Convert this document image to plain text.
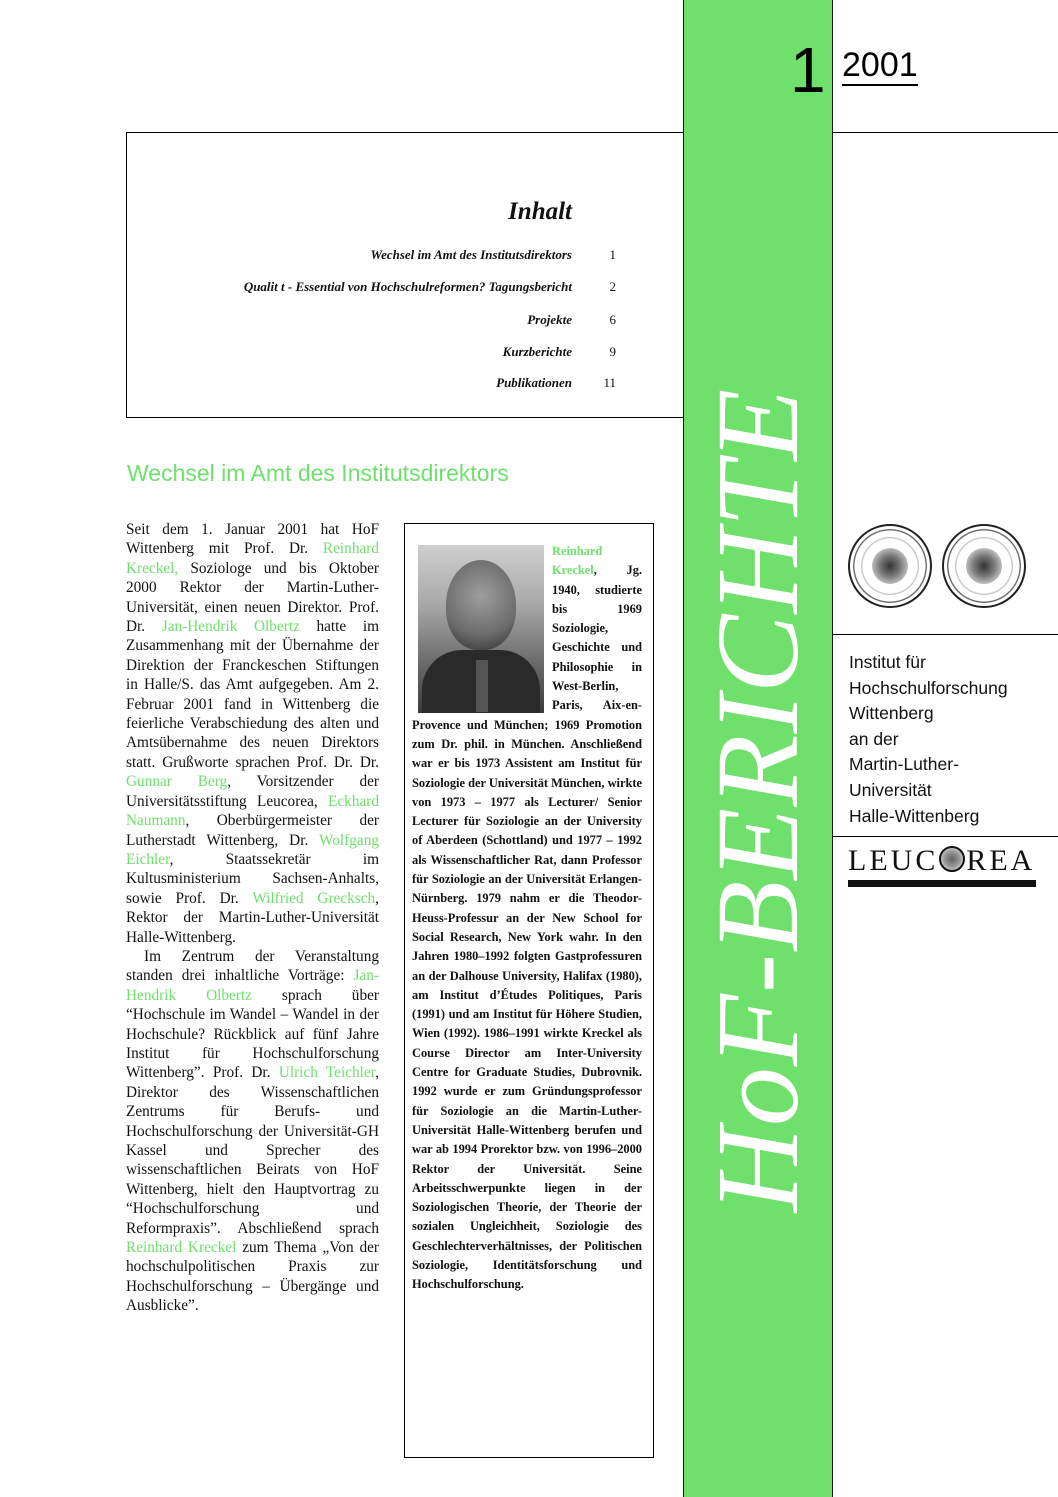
HoF-BERICHTE
1 2001
Inhalt
Wechsel im Amt des Institutsdirektors	1
Qualit t - Essential von Hochschulreformen? Tagungsbericht	2
Projekte	6
Kurzberichte	9
Publikationen	11
Wechsel im Amt des Institutsdirektors

Seit dem 1. Januar 2001 hat HoF Wittenberg mit Prof. Dr. Reinhard Kreckel, Soziologe und bis Oktober 2000 Rektor der Martin-Luther-Universität, einen neuen Direktor. Prof. Dr. Jan-Hendrik Olbertz hatte im Zusammenhang mit der Übernahme der Direktion der Franckeschen Stiftungen in Halle/S. das Amt aufgegeben. Am 2. Februar 2001 fand in Wittenberg die feierliche Verabschiedung des alten und Amtsübernahme des neuen Direktors statt. Grußworte sprachen Prof. Dr. Dr. Gunnar Berg, Vorsitzender der Universitätsstiftung Leucorea, Eckhard Naumann, Oberbürgermeister der Lutherstadt Wittenberg, Dr. Wolfgang Eichler, Staatssekretär im Kultusministerium Sachsen-Anhalts, sowie Prof. Dr. Wilfried Grecksch, Rektor der Martin-Luther-Universität Halle-Wittenberg.

Im Zentrum der Veranstaltung standen drei inhaltliche Vorträge: Jan-Hendrik Olbertz sprach über “Hochschule im Wandel – Wandel in der Hochschule? Rückblick auf fünf Jahre Institut für Hochschulforschung Wittenberg”. Prof. Dr. Ulrich Teichler, Direktor des Wissenschaftlichen Zentrums für Berufs- und Hochschulforschung der Universität-GH Kassel und Sprecher des wissenschaftlichen Beirats von HoF Wittenberg, hielt den Hauptvortrag zu “Hochschulforschung und Reformpraxis”. Abschließend sprach Reinhard Kreckel zum Thema „Von der hochschulpolitischen Praxis zur Hochschulforschung – Übergänge und Ausblicke”.

Reinhard Kreckel, Jg. 1940, studierte bis 1969 Soziologie, Geschichte und Philosophie in West-Berlin, Paris, Aix-en-Provence und München; 1969 Promotion zum Dr. phil. in München. Anschließend war er bis 1973 Assistent am Institut für Soziologie der Universität München, wirkte von 1973 – 1977 als Lecturer/ Senior Lecturer für Soziologie an der University of Aberdeen (Schottland) und 1977 – 1992 als Wissenschaftlicher Rat, dann Professor für Soziologie an der Universität Erlangen-Nürnberg. 1979 nahm er die Theodor-Heuss-Professur an der New School for Social Research, New York wahr. In den Jahren 1980–1992 folgten Gastprofessuren an der Dalhouse University, Halifax (1980), am Institut d’Études Politiques, Paris (1991) und am Institut für Höhere Studien, Wien (1992). 1986–1991 wirkte Kreckel als Course Director am Inter-University Centre for Graduate Studies, Dubrovnik. 1992 wurde er zum Gründungsprofessor für Soziologie an die Martin-Luther-Universität Halle-Wittenberg berufen und war ab 1994 Prorektor bzw. von 1996–2000 Rektor der Universität. Seine Arbeitsschwerpunkte liegen in der Soziologischen Theorie, der Theorie der sozialen Ungleichheit, Soziologie des Geschlechterverhältnisses, der Politischen Soziologie, Identitätsforschung und Hochschulforschung.
Institut für
Hochschulforschung
Wittenberg
an der
Martin-Luther-
Universität
Halle-Wittenberg
LEUC REA
